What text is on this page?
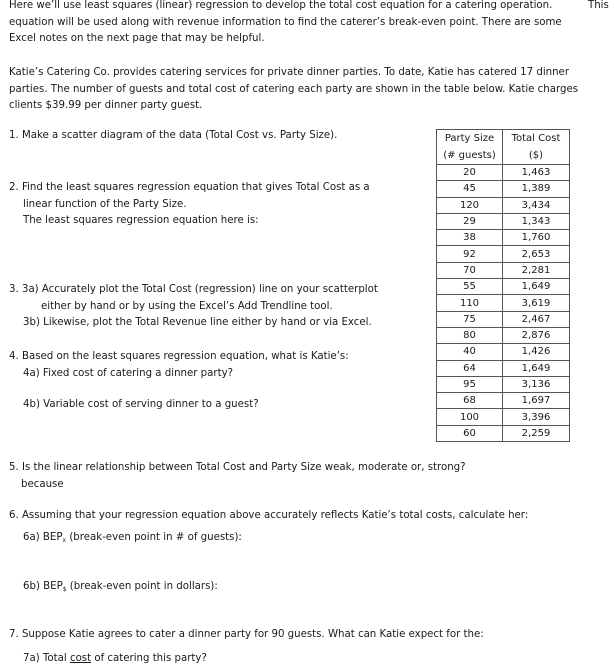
Here we’ll use least squares (linear) regression to develop the total cost equation for a catering operation.	This
equation will be used along with revenue information to find the caterer’s break-even point. There are some
Excel notes on the next page that may be helpful.
Katie’s Catering Co. provides catering services for private dinner parties. To date, Katie has catered 17 dinner
parties. The number of guests and total cost of catering each party are shown in the table below. Katie charges
clients $39.99 per dinner party guest.
1. Make a scatter diagram of the data (Total Cost vs. Party Size).
2. Find the least squares regression equation that gives Total Cost as a
linear function of the Party Size.
The least squares regression equation here is:
3. 3a) Accurately plot the Total Cost (regression) line on your scatterplot
either by hand or by using the Excel’s Add Trendline tool.
3b) Likewise, plot the Total Revenue line either by hand or via Excel.
4. Based on the least squares regression equation, what is Katie’s:
4a) Fixed cost of catering a dinner party?
4b) Variable cost of serving dinner to a guest?
5. Is the linear relationship between Total Cost and Party Size weak, moderate or, strong?
because
6. Assuming that your regression equation above accurately reflects Katie’s total costs, calculate her:
6a) $BEP_x$ (break-even point in # of guests):
6b) $BEP_{\$}$ (break-even point in dollars):
7. Suppose Katie agrees to cater a dinner party for 90 guests. What can Katie expect for the:
7a) Total cost of catering this party?
Party Size	Total Cost
(# guests)	($)
20	1,463
45	1,389
120	3,434
29	1,343
38	1,760
92	2,653
70	2,281
55	1,649
110	3,619
75	2,467
80	2,876
40	1,426
64	1,649
95	3,136
68	1,697
100	3,396
60	2,259
